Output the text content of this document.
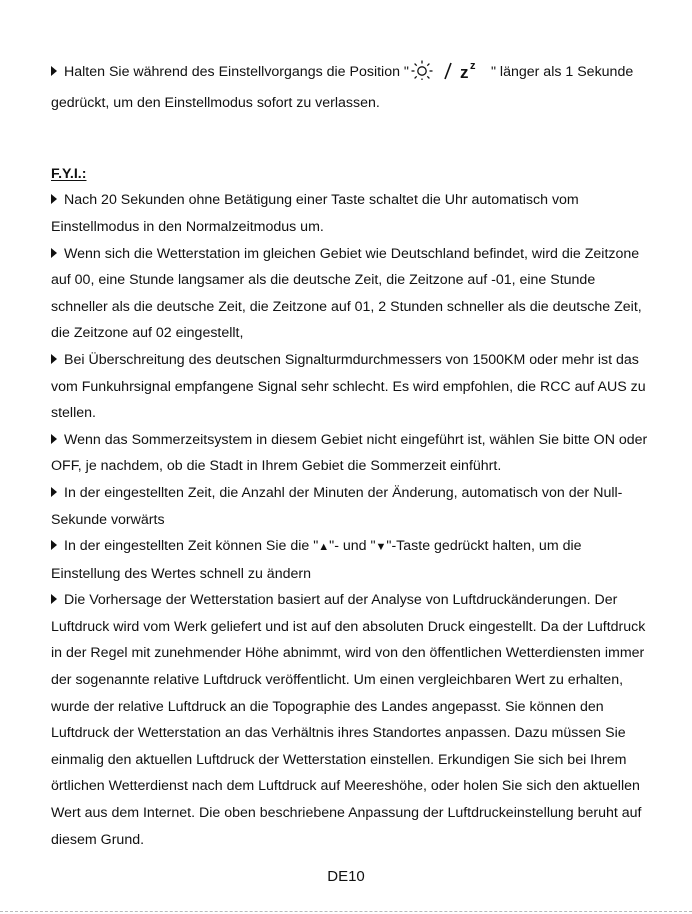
Halten Sie während des Einstellvorgangs die Position "	z z " länger als 1 Sekunde gedrückt, um den Einstellmodus sofort zu verlassen.

F.Y.I.:

Nach 20 Sekunden ohne Betätigung einer Taste schaltet die Uhr automatisch vom Einstellmodus in den Normalzeitmodus um.

Wenn sich die Wetterstation im gleichen Gebiet wie Deutschland befindet, wird die Zeitzone auf 00, eine Stunde langsamer als die deutsche Zeit, die Zeitzone auf -01, eine Stunde schneller als die deutsche Zeit, die Zeitzone auf 01, 2 Stunden schneller als die deutsche Zeit, die Zeitzone auf 02 eingestellt,

Bei Überschreitung des deutschen Signalturmdurchmessers von 1500KM oder mehr ist das vom Funkuhrsignal empfangene Signal sehr schlecht. Es wird empfohlen, die RCC auf AUS zu stellen.

Wenn das Sommerzeitsystem in diesem Gebiet nicht eingeführt ist, wählen Sie bitte ON oder OFF, je nachdem, ob die Stadt in Ihrem Gebiet die Sommerzeit einführt.

In der eingestellten Zeit, die Anzahl der Minuten der Änderung, automatisch von der Null-Sekunde vorwärts

In der eingestellten Zeit können Sie die "▲"- und "▼"-Taste gedrückt halten, um die Einstellung des Wertes schnell zu ändern

Die Vorhersage der Wetterstation basiert auf der Analyse von Luftdruckänderungen. Der Luftdruck wird vom Werk geliefert und ist auf den absoluten Druck eingestellt. Da der Luftdruck in der Regel mit zunehmender Höhe abnimmt, wird von den öffentlichen Wetterdiensten immer der sogenannte relative Luftdruck veröffentlicht. Um einen vergleichbaren Wert zu erhalten, wurde der relative Luftdruck an die Topographie des Landes angepasst. Sie können den Luftdruck der Wetterstation an das Verhältnis ihres Standortes anpassen. Dazu müssen Sie einmalig den aktuellen Luftdruck der Wetterstation einstellen. Erkundigen Sie sich bei Ihrem örtlichen Wetterdienst nach dem Luftdruck auf Meereshöhe, oder holen Sie sich den aktuellen Wert aus dem Internet. Die oben beschriebene Anpassung der Luftdruckeinstellung beruht auf diesem Grund.

DE10
